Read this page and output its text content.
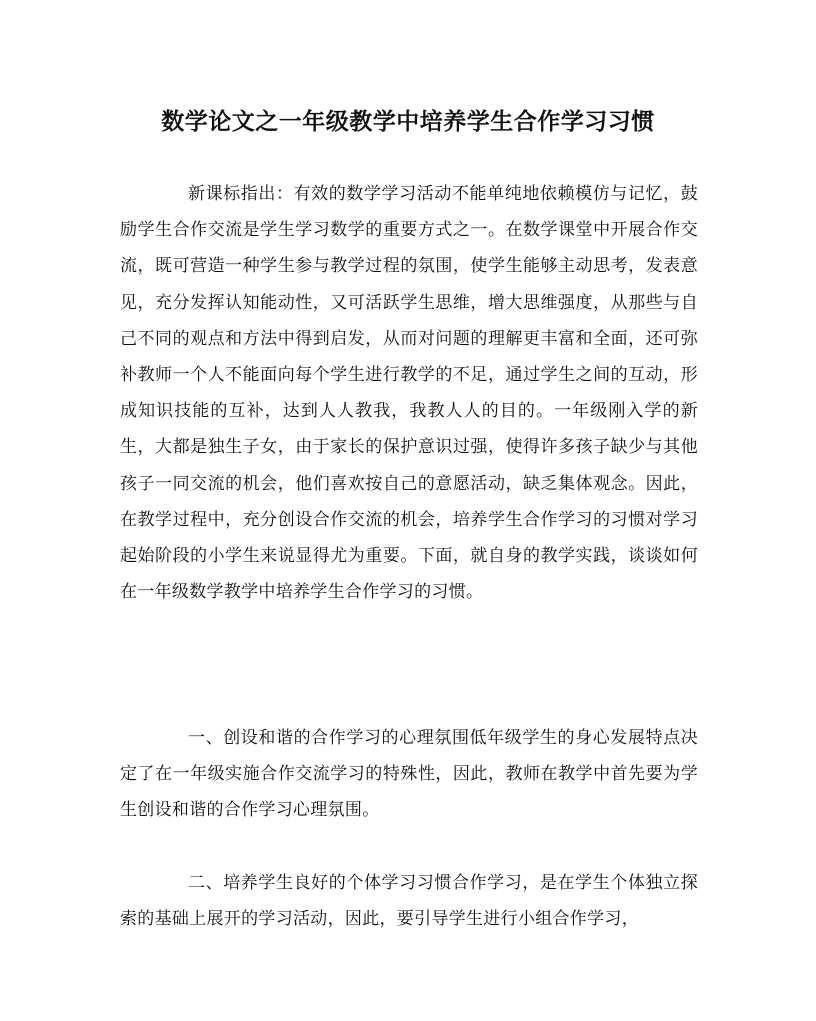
数学论文之一年级教学中培养学生合作学习习惯

新课标指出：有效的数学学习活动不能单纯地依赖模仿与记忆，鼓励学生合作交流是学生学习数学的重要方式之一。在数学课堂中开展合作交流，既可营造一种学生参与教学过程的氛围，使学生能够主动思考，发表意见，充分发挥认知能动性，又可活跃学生思维，增大思维强度，从那些与自己不同的观点和方法中得到启发，从而对问题的理解更丰富和全面，还可弥补教师一个人不能面向每个学生进行教学的不足，通过学生之间的互动，形成知识技能的互补，达到人人教我，我教人人的目的。一年级刚入学的新生，大都是独生子女，由于家长的保护意识过强，使得许多孩子缺少与其他孩子一同交流的机会，他们喜欢按自己的意愿活动，缺乏集体观念。因此，在教学过程中，充分创设合作交流的机会，培养学生合作学习的习惯对学习起始阶段的小学生来说显得尤为重要。下面，就自身的教学实践，谈谈如何在一年级数学教学中培养学生合作学习的习惯。

一、创设和谐的合作学习的心理氛围低年级学生的身心发展特点决定了在一年级实施合作交流学习的特殊性，因此，教师在教学中首先要为学生创设和谐的合作学习心理氛围。

二、培养学生良好的个体学习习惯合作学习，是在学生个体独立探索的基础上展开的学习活动，因此，要引导学生进行小组合作学习，
